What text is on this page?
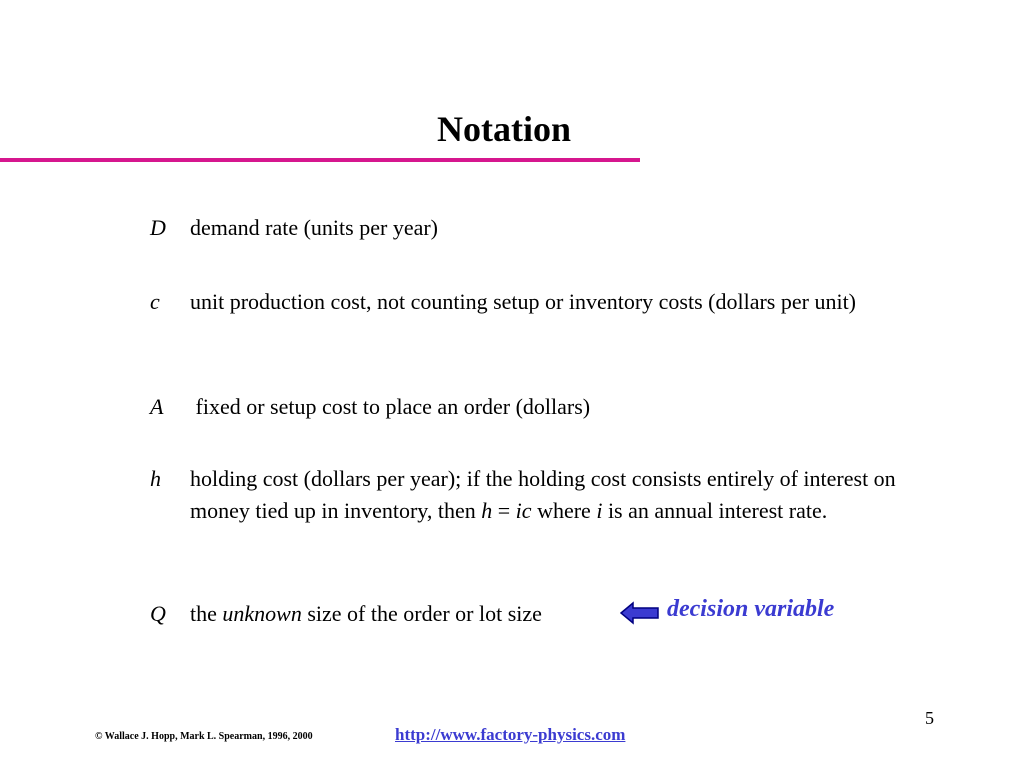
Notation
D demand rate (units per year)
c unit production cost, not counting setup or inventory costs (dollars per unit)
A fixed or setup cost to place an order (dollars)
h holding cost (dollars per year); if the holding cost consists entirely of interest on money tied up in inventory, then h = ic where i is an annual interest rate.
Q the unknown size of the order or lot size	decision variable
5
© Wallace J. Hopp, Mark L. Spearman, 1996, 2000	http://www.factory-physics.com
